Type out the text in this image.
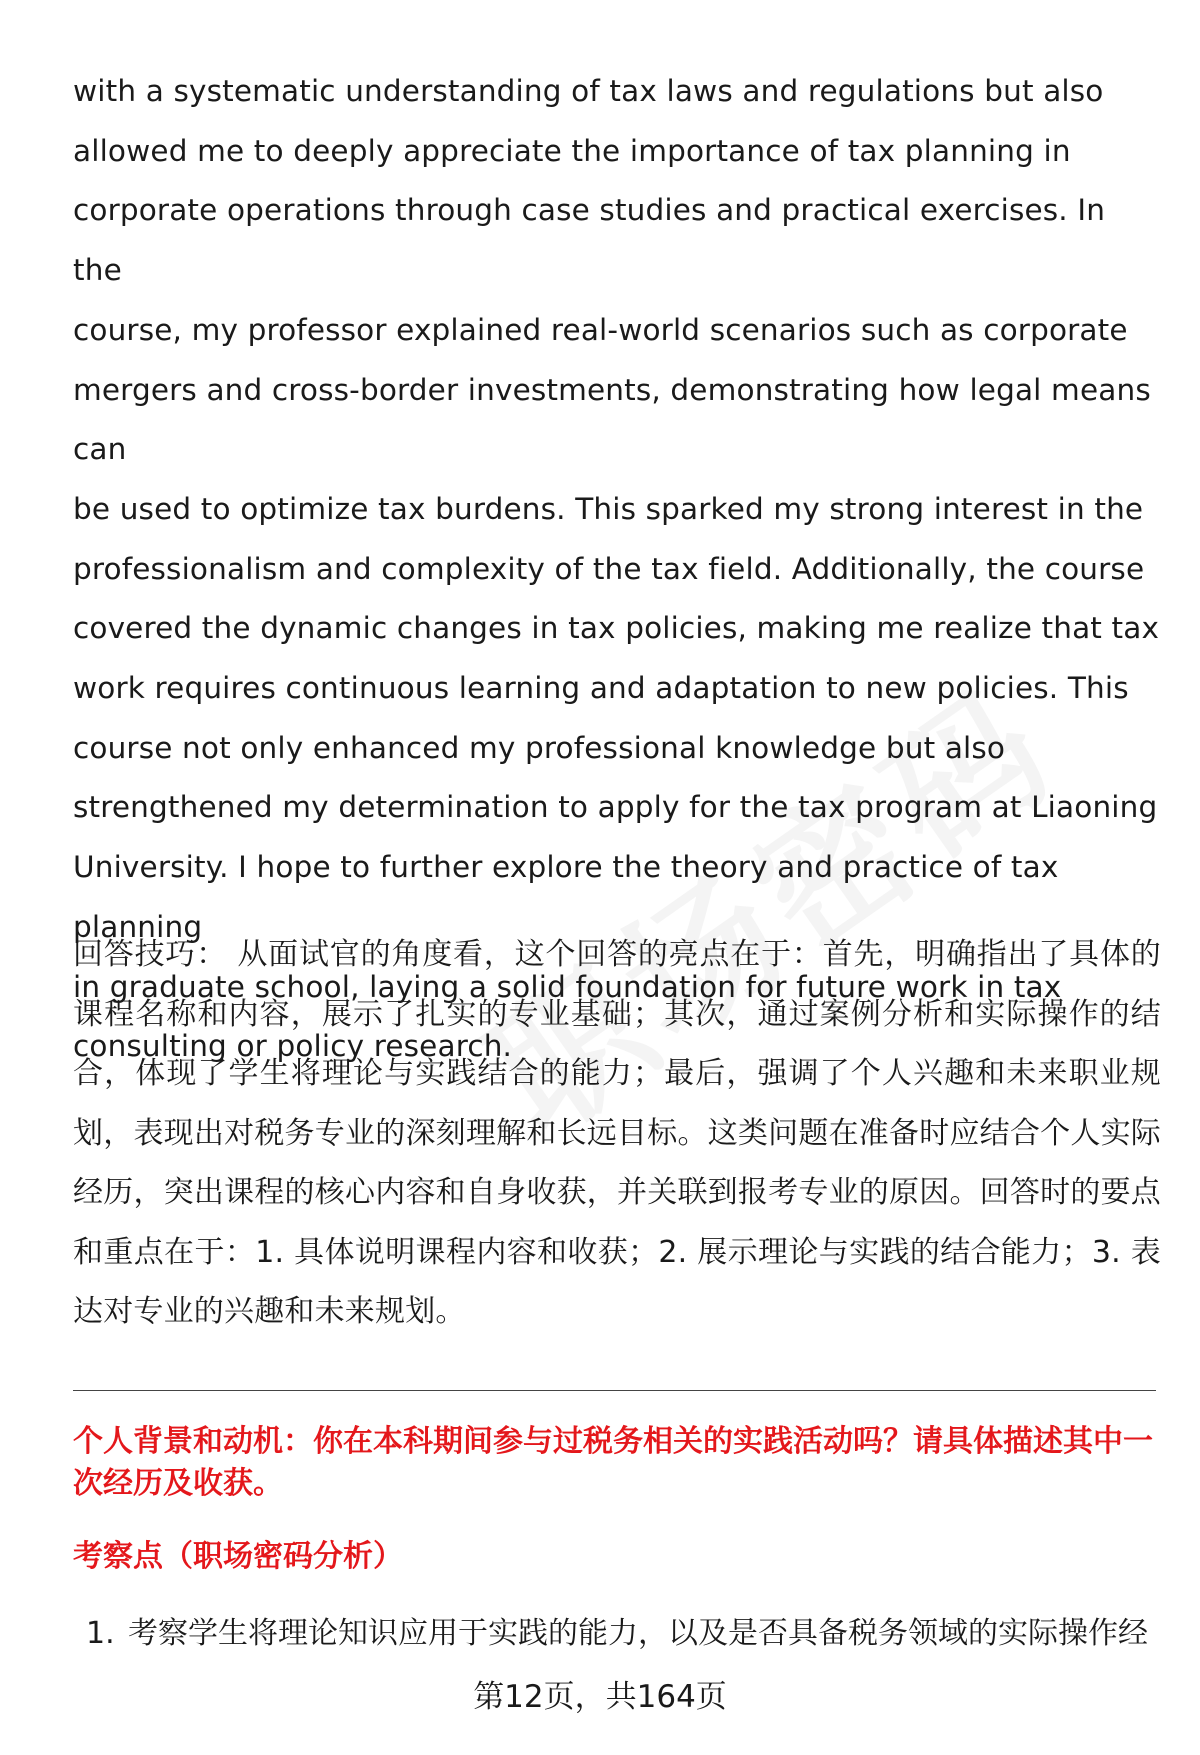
with a systematic understanding of tax laws and regulations but also

allowed me to deeply appreciate the importance of tax planning in

corporate operations through case studies and practical exercises. In the

course, my professor explained real-world scenarios such as corporate

mergers and cross-border investments, demonstrating how legal means can

be used to optimize tax burdens. This sparked my strong interest in the

professionalism and complexity of the tax field. Additionally, the course

covered the dynamic changes in tax policies, making me realize that tax

work requires continuous learning and adaptation to new policies. This

course not only enhanced my professional knowledge but also

strengthened my determination to apply for the tax program at Liaoning

University. I hope to further explore the theory and practice of tax planning

in graduate school, laying a solid foundation for future work in tax

consulting or policy research.

回答技巧： 从面试官的角度看，这个回答的亮点在于：首先，明确指出了具体的课程名称和内容，展示了扎实的专业基础；其次，通过案例分析和实际操作的结合，体现了学生将理论与实践结合的能力；最后，强调了个人兴趣和未来职业规划，表现出对税务专业的深刻理解和长远目标。这类问题在准备时应结合个人实际经历，突出课程的核心内容和自身收获，并关联到报考专业的原因。回答时的要点和重点在于：1. 具体说明课程内容和收获；2. 展示理论与实践的结合能力；3. 表达对专业的兴趣和未来规划。
个人背景和动机：你在本科期间参与过税务相关的实践活动吗？请具体描述其中一次经历及收获。
考察点（职场密码分析）
1. 考察学生将理论知识应用于实践的能力，以及是否具备税务领域的实际操作经
第12页，共164页
